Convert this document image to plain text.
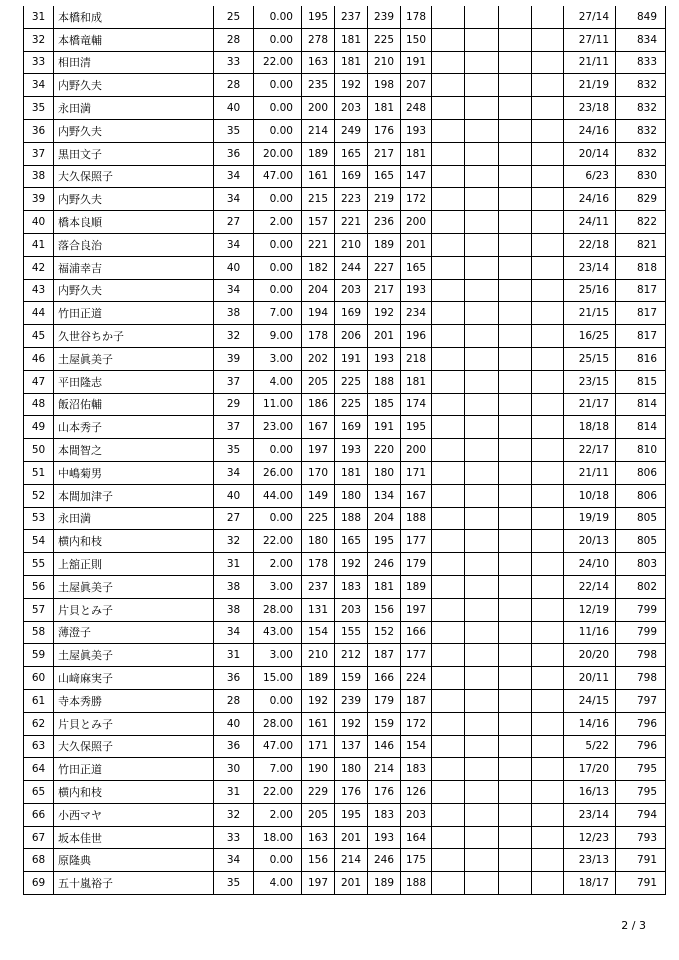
31	本橋和成	25	0.00	195	237	239	178					27/14	849
32	本橋竜輔	28	0.00	278	181	225	150					27/11	834
33	相田清	33	22.00	163	181	210	191					21/11	833
34	内野久夫	28	0.00	235	192	198	207					21/19	832
35	永田満	40	0.00	200	203	181	248					23/18	832
36	内野久夫	35	0.00	214	249	176	193					24/16	832
37	黒田文子	36	20.00	189	165	217	181					20/14	832
38	大久保照子	34	47.00	161	169	165	147					6/23	830
39	内野久夫	34	0.00	215	223	219	172					24/16	829
40	橋本良順	27	2.00	157	221	236	200					24/11	822
41	落合良治	34	0.00	221	210	189	201					22/18	821
42	福浦幸吉	40	0.00	182	244	227	165					23/14	818
43	内野久夫	34	0.00	204	203	217	193					25/16	817
44	竹田正道	38	7.00	194	169	192	234					21/15	817
45	久世谷ちか子	32	9.00	178	206	201	196					16/25	817
46	土屋眞美子	39	3.00	202	191	193	218					25/15	816
47	平田隆志	37	4.00	205	225	188	181					23/15	815
48	飯沼佑輔	29	11.00	186	225	185	174					21/17	814
49	山本秀子	37	23.00	167	169	191	195					18/18	814
50	本間智之	35	0.00	197	193	220	200					22/17	810
51	中嶋菊男	34	26.00	170	181	180	171					21/11	806
52	本間加津子	40	44.00	149	180	134	167					10/18	806
53	永田満	27	0.00	225	188	204	188					19/19	805
54	横内和枝	32	22.00	180	165	195	177					20/13	805
55	上舘正則	31	2.00	178	192	246	179					24/10	803
56	土屋眞美子	38	3.00	237	183	181	189					22/14	802
57	片貝とみ子	38	28.00	131	203	156	197					12/19	799
58	薄澄子	34	43.00	154	155	152	166					11/16	799
59	土屋眞美子	31	3.00	210	212	187	177					20/20	798
60	山﨑麻実子	36	15.00	189	159	166	224					20/11	798
61	寺本秀勝	28	0.00	192	239	179	187					24/15	797
62	片貝とみ子	40	28.00	161	192	159	172					14/16	796
63	大久保照子	36	47.00	171	137	146	154					5/22	796
64	竹田正道	30	7.00	190	180	214	183					17/20	795
65	横内和枝	31	22.00	229	176	176	126					16/13	795
66	小西マヤ	32	2.00	205	195	183	203					23/14	794
67	坂本佳世	33	18.00	163	201	193	164					12/23	793
68	原隆典	34	0.00	156	214	246	175					23/13	791
69	五十嵐裕子	35	4.00	197	201	189	188					18/17	791
2 / 3
